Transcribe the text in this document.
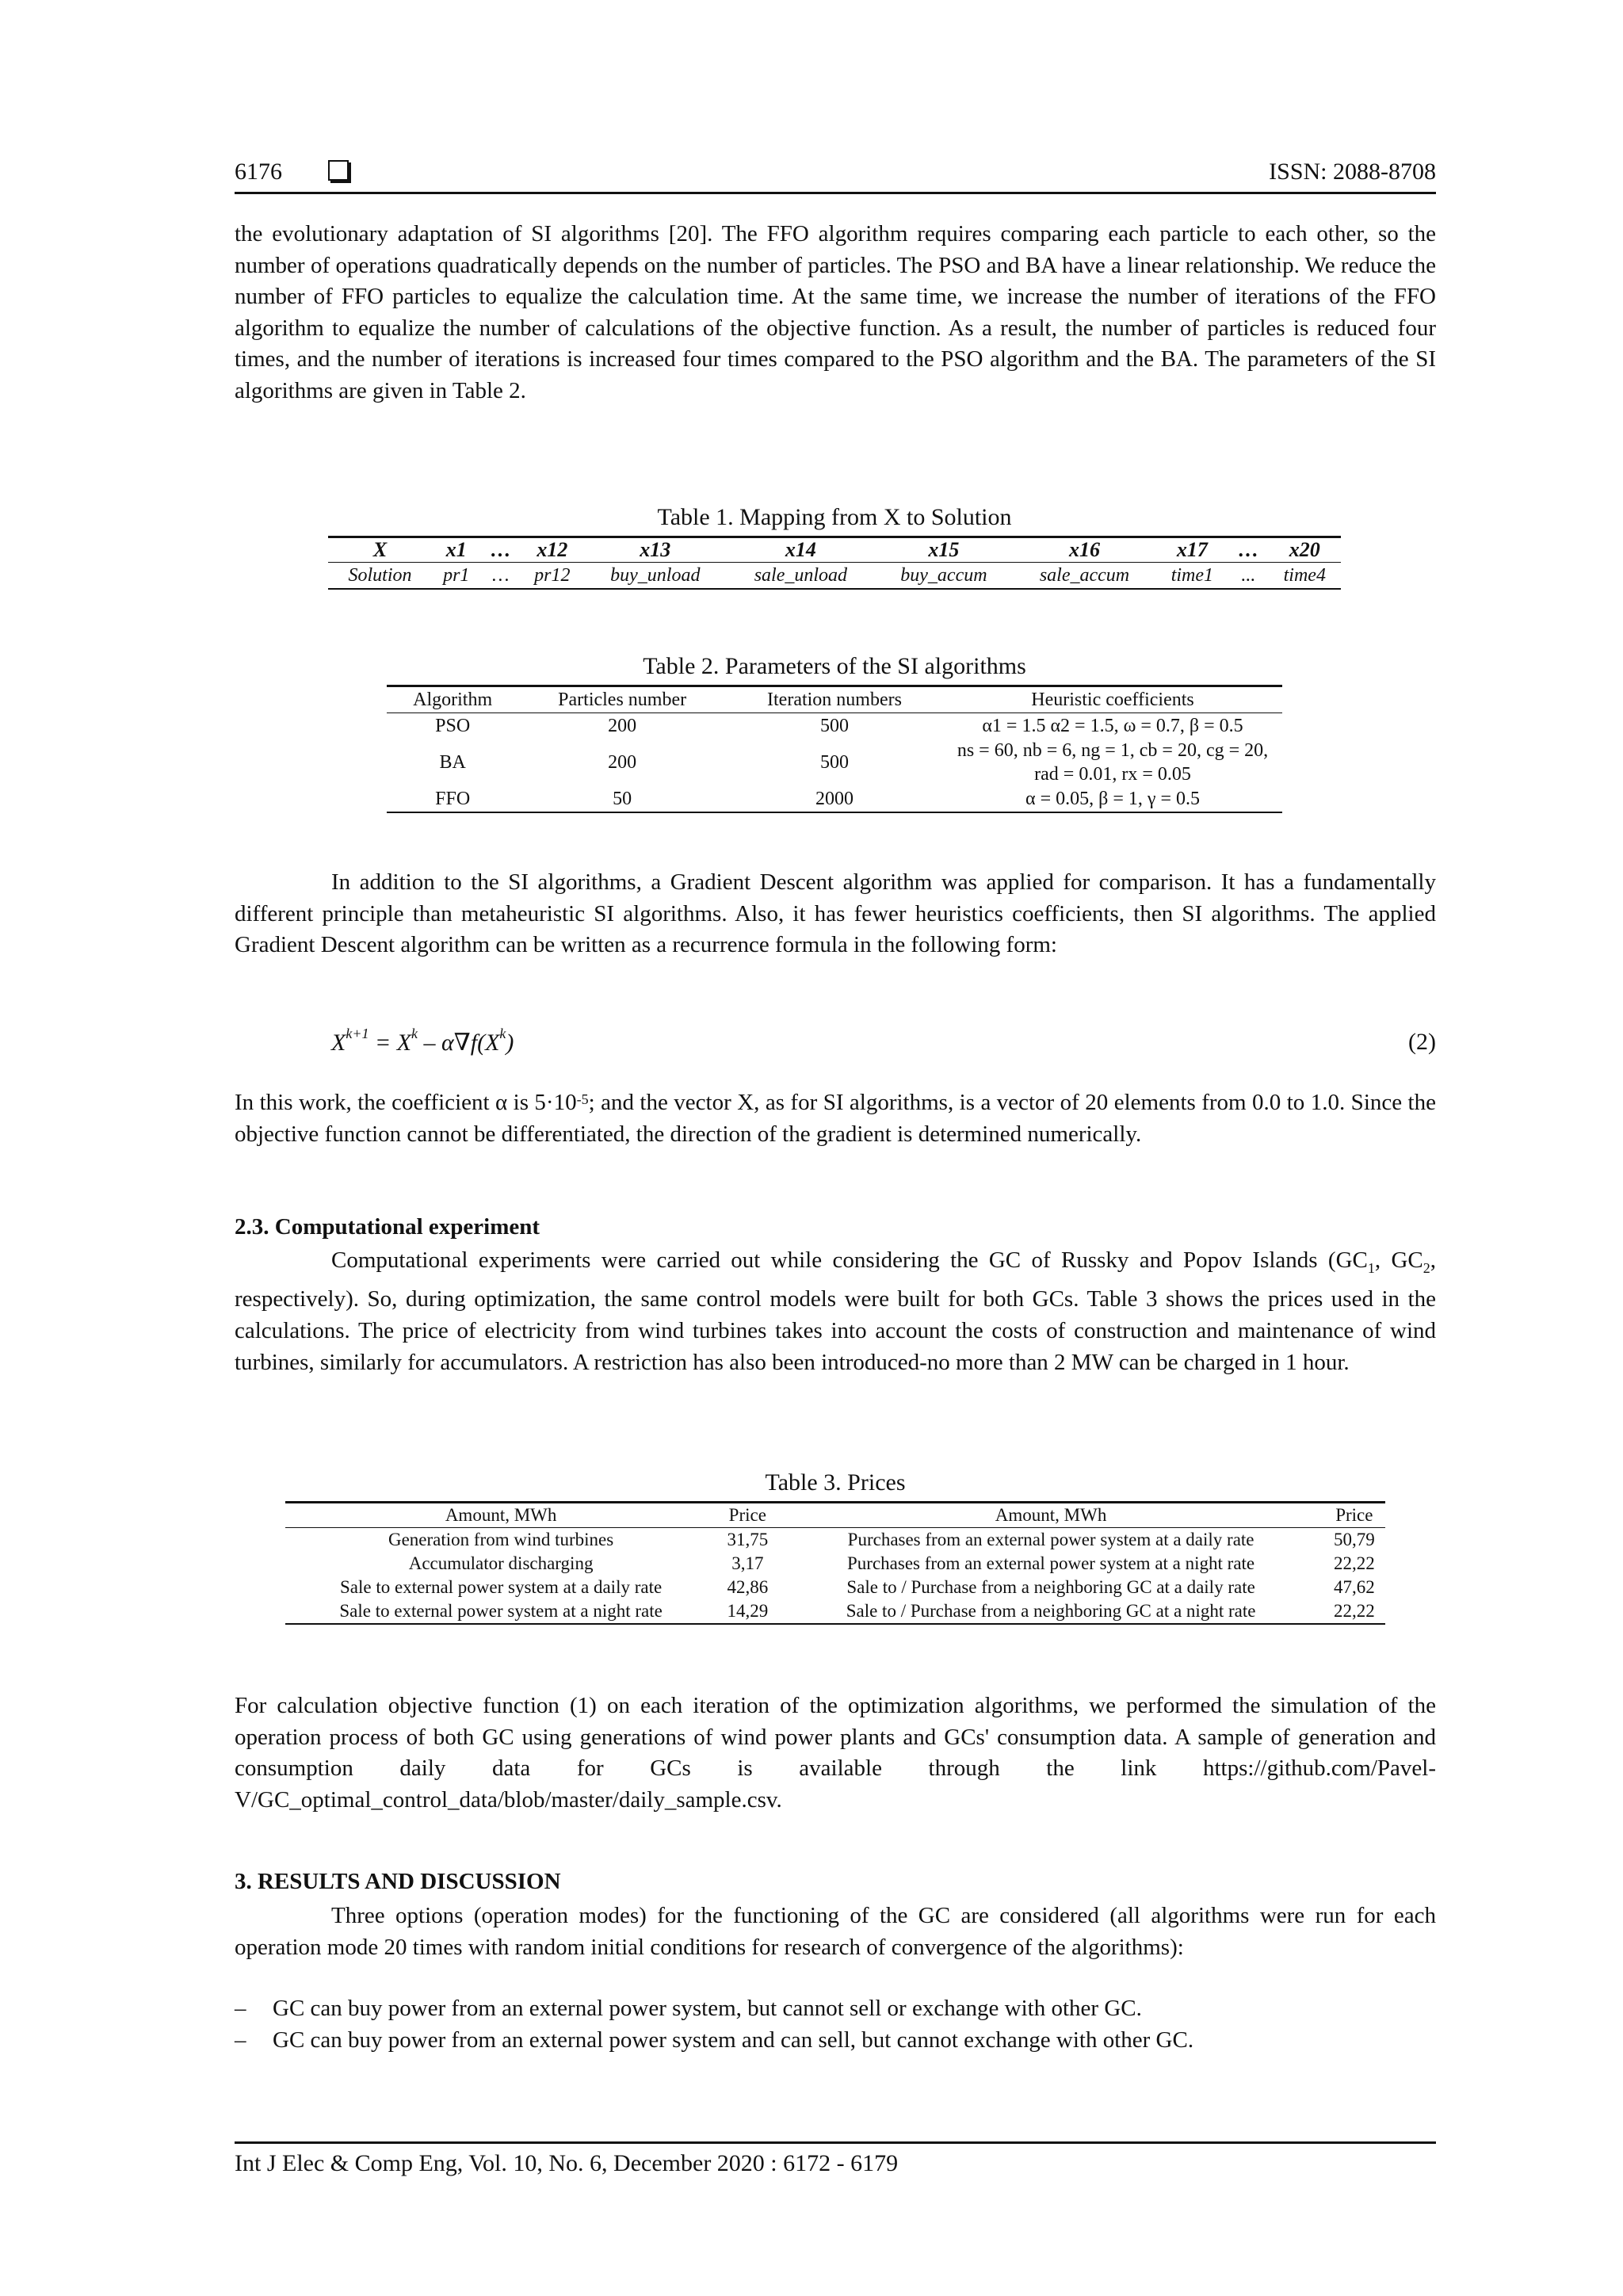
6176	ISSN: 2088-8708
the evolutionary adaptation of SI algorithms [20]. The FFO algorithm requires comparing each particle to each other, so the number of operations quadratically depends on the number of particles. The PSO and BA have a linear relationship. We reduce the number of FFO particles to equalize the calculation time. At the same time, we increase the number of iterations of the FFO algorithm to equalize the number of calculations of the objective function. As a result, the number of particles is reduced four times, and the number of iterations is increased four times compared to the PSO algorithm and the BA. The parameters of the SI algorithms are given in Table 2.
Table 1. Mapping from X to Solution
X	x1	…	x12	x13	x14	x15	x16	x17	…	x20
Solution	pr1	…	pr12	buy_unload	sale_unload	buy_accum	sale_accum	time1	...	time4
Table 2. Parameters of the SI algorithms
Algorithm	Particles number	Iteration numbers	Heuristic coefficients
PSO	200	500	α1 = 1.5 α2 = 1.5, ω = 0.7, β = 0.5
BA	200	500	ns = 60, nb = 6, ng = 1, cb = 20, cg = 20, rad = 0.01, rx = 0.05
FFO	50	2000	α = 0.05, β = 1, γ = 0.5
In addition to the SI algorithms, a Gradient Descent algorithm was applied for comparison. It has a fundamentally different principle than metaheuristic SI algorithms. Also, it has fewer heuristics coefficients, then SI algorithms. The applied Gradient Descent algorithm can be written as a recurrence formula in the following form:
$X^{k+1} = X^k - \alpha\nabla f(X^k)$	(2)
In this work, the coefficient α is $5\cdot 10^{-5}$; and the vector X, as for SI algorithms, is a vector of 20 elements from 0.0 to 1.0. Since the objective function cannot be differentiated, the direction of the gradient is determined numerically.
2.3. Computational experiment
Computational experiments were carried out while considering the GC of Russky and Popov Islands ($GC_1$, $GC_2$, respectively). So, during optimization, the same control models were built for both GCs. Table 3 shows the prices used in the calculations. The price of electricity from wind turbines takes into account the costs of construction and maintenance of wind turbines, similarly for accumulators. A restriction has also been introduced-no more than 2 MW can be charged in 1 hour.
Table 3. Prices
Amount, MWh	Price	Amount, MWh	Price
Generation from wind turbines	31,75	Purchases from an external power system at a daily rate	50,79
Accumulator discharging	3,17	Purchases from an external power system at a night rate	22,22
Sale to external power system at a daily rate	42,86	Sale to / Purchase from a neighboring GC at a daily rate	47,62
Sale to external power system at a night rate	14,29	Sale to / Purchase from a neighboring GC at a night rate	22,22
For calculation objective function (1) on each iteration of the optimization algorithms, we performed the simulation of the operation process of both GC using generations of wind power plants and GCs' consumption data. A sample of generation and consumption daily data for GCs is available through the link https://github.com/Pavel-V/GC_optimal_control_data/blob/master/daily_sample.csv.
3. RESULTS AND DISCUSSION
Three options (operation modes) for the functioning of the GC are considered (all algorithms were run for each operation mode 20 times with random initial conditions for research of convergence of the algorithms):
– GC can buy power from an external power system, but cannot sell or exchange with other GC.
– GC can buy power from an external power system and can sell, but cannot exchange with other GC.
Int J Elec & Comp Eng, Vol. 10, No. 6, December 2020 : 6172 - 6179
